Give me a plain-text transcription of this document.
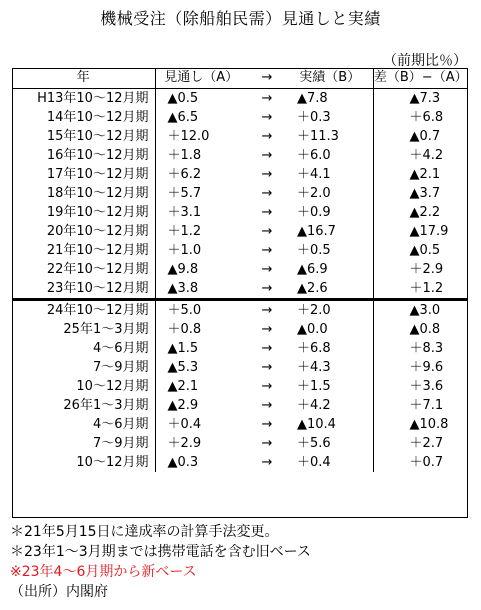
機械受注（除船舶民需）見通しと実績
（前期比％）
年	見通し（A）	→	実績（B）	差（B）−（A）
H13年10〜12月期	▲0.5	→	▲7.8	▲7.3
14年10〜12月期	▲6.5	→	＋0.3	＋6.8
15年10〜12月期	＋12.0	→	＋11.3	▲0.7
16年10〜12月期	＋1.8	→	＋6.0	＋4.2
17年10〜12月期	＋6.2	→	＋4.1	▲2.1
18年10〜12月期	＋5.7	→	＋2.0	▲3.7
19年10〜12月期	＋3.1	→	＋0.9	▲2.2
20年10〜12月期	＋1.2	→	▲16.7	▲17.9
21年10〜12月期	＋1.0	→	＋0.5	▲0.5
22年10〜12月期	▲9.8	→	▲6.9	＋2.9
23年10〜12月期	▲3.8	→	▲2.6	＋1.2
24年10〜12月期	＋5.0	→	＋2.0	▲3.0
25年1〜3月期	＋0.8	→	▲0.0	▲0.8
4〜6月期	▲1.5	→	＋6.8	＋8.3
7〜9月期	▲5.3	→	＋4.3	＋9.6
10〜12月期	▲2.1	→	＋1.5	＋3.6
26年1〜3月期	▲2.9	→	＋4.2	＋7.1
4〜6月期	＋0.4	→	▲10.4	▲10.8
7〜9月期	＋2.9	→	＋5.6	＋2.7
10〜12月期	▲0.3	→	＋0.4	＋0.7
＊21年5月15日に達成率の計算手法変更。
＊23年1〜3月期までは携帯電話を含む旧ベース
※23年4〜6月期から新ベース
（出所）内閣府
